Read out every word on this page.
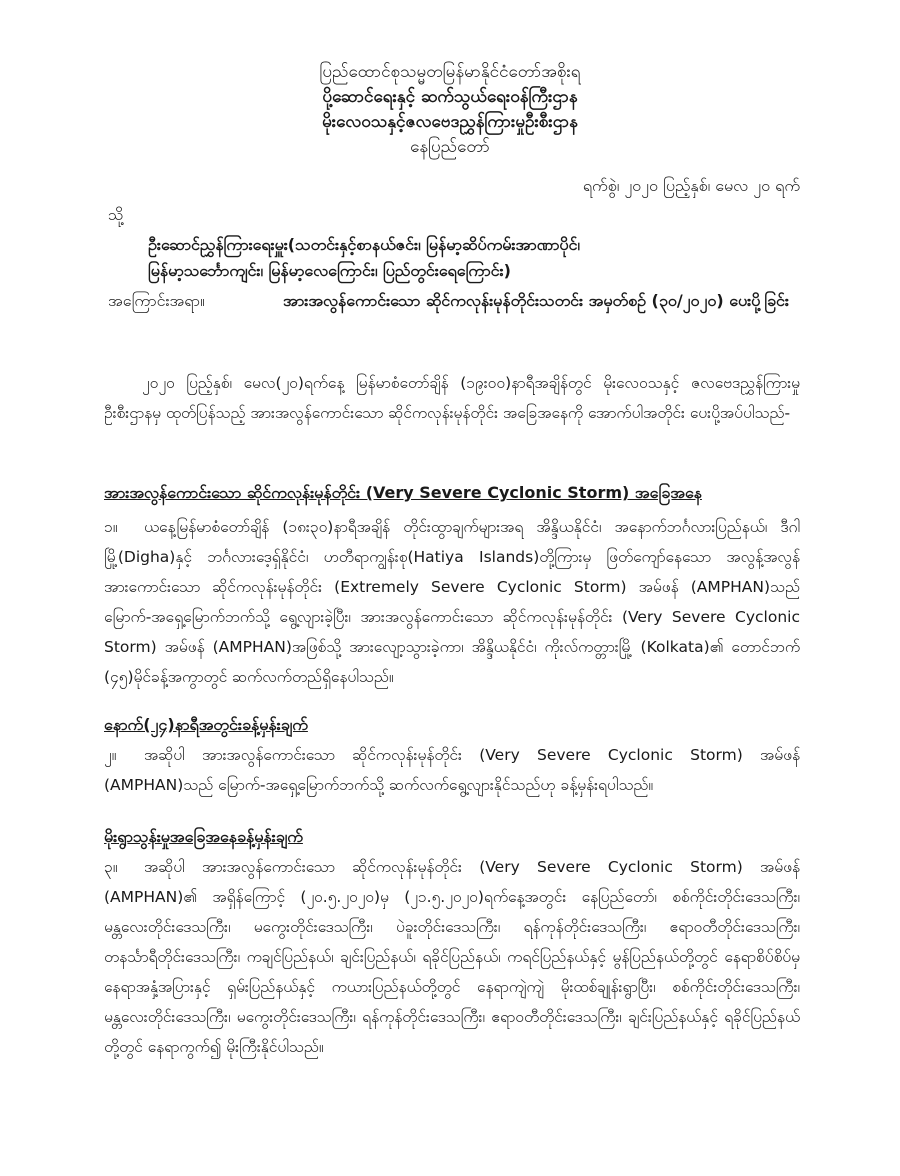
ပြည်ထောင်စုသမ္မတမြန်မာနိုင်ငံတော်အစိုးရ
ပို့ဆောင်ရေးနှင့် ဆက်သွယ်ရေးဝန်ကြီးဌာန
မိုးလေဝသနှင့်ဇလဗေဒညွှန်ကြားမှုဦးစီးဌာန
နေပြည်တော်
ရက်စွဲ၊ ၂၀၂၀ ပြည့်နှစ်၊ မေလ ၂၀ ရက်
သို့
ဦးဆောင်ညွှန်ကြားရေးမှူး(သတင်းနှင့်စာနယ်ဇင်း၊ မြန်မာ့ဆိပ်ကမ်းအာဏာပိုင်၊
မြန်မာ့သင်္ဘောကျင်း၊ မြန်မာ့လေကြောင်း၊ ပြည်တွင်းရေကြောင်း)
အကြောင်းအရာ။	အားအလွန်ကောင်းသော ဆိုင်ကလုန်းမုန်တိုင်းသတင်း အမှတ်စဉ် (၃၀/၂၀၂၀) ပေးပို့ခြင်း
၂၀၂၀ ပြည့်နှစ်၊ မေလ(၂၀)ရက်နေ့ မြန်မာစံတော်ချိန် (၁၉း၀၀)နာရီအချိန်တွင် မိုးလေဝသနှင့် ဇလဗေဒညွှန်ကြားမှုဦးစီးဌာနမှ ထုတ်ပြန်သည့် အားအလွန်ကောင်းသော ဆိုင်ကလုန်းမုန်တိုင်း အခြေအနေကို အောက်ပါအတိုင်း ပေးပို့အပ်ပါသည်-
အားအလွန်ကောင်းသော ဆိုင်ကလုန်းမုန်တိုင်း (Very Severe Cyclonic Storm) အခြေအနေ
၁။ ယနေ့မြန်မာစံတော်ချိန် (၁၈း၃၀)နာရီအချိန် တိုင်းထွာချက်များအရ အိန္ဒိယနိုင်ငံ၊ အနောက်ဘင်္ဂလားပြည်နယ်၊ ဒီဂါမြို့(Digha)နှင့် ဘင်္ဂလားဒေ့ရှ်နိုင်ငံ၊ ဟတီရာကျွန်းစု(Hatiya Islands)တို့ကြားမှ ဖြတ်ကျော်နေသော အလွန့်အလွန် အားကောင်းသော ဆိုင်ကလုန်းမုန်တိုင်း (Extremely Severe Cyclonic Storm) အမ်ဖန် (AMPHAN)သည် မြောက်-အရှေ့မြောက်ဘက်သို့ ရွေ့လျားခဲ့ပြီး၊ အားအလွန်ကောင်းသော ဆိုင်ကလုန်းမုန်တိုင်း (Very Severe Cyclonic Storm) အမ်ဖန် (AMPHAN)အဖြစ်သို့ အားလျော့သွားခဲ့ကာ၊ အိန္ဒိယနိုင်ငံ၊ ကိုးလ်ကတ္တားမြို့ (Kolkata)၏ တောင်ဘက် (၄၅)မိုင်ခန့်အကွာတွင် ဆက်လက်တည်ရှိနေပါသည်။
နောက်(၂၄)နာရီအတွင်းခန့်မှန်းချက်
၂။ အဆိုပါ အားအလွန်ကောင်းသော ဆိုင်ကလုန်းမုန်တိုင်း (Very Severe Cyclonic Storm) အမ်ဖန် (AMPHAN)သည် မြောက်-အရှေ့မြောက်ဘက်သို့ ဆက်လက်ရွေ့လျားနိုင်သည်ဟု ခန့်မှန်းရပါသည်။
မိုးရွာသွန်းမှုအခြေအနေခန့်မှန်းချက်
၃။ အဆိုပါ အားအလွန်ကောင်းသော ဆိုင်ကလုန်းမုန်တိုင်း (Very Severe Cyclonic Storm) အမ်ဖန် (AMPHAN)၏ အရှိန်ကြောင့် (၂၀.၅.၂၀၂၀)မှ (၂၁.၅.၂၀၂၀)ရက်နေ့အတွင်း နေပြည်တော်၊ စစ်ကိုင်းတိုင်းဒေသကြီး၊ မန္တလေးတိုင်းဒေသကြီး၊ မကွေးတိုင်းဒေသကြီး၊ ပဲခူးတိုင်းဒေသကြီး၊ ရန်ကုန်တိုင်းဒေသကြီး၊ ဧရာဝတီတိုင်းဒေသကြီး၊ တနင်္သာရီတိုင်းဒေသကြီး၊ ကချင်ပြည်နယ်၊ ချင်းပြည်နယ်၊ ရခိုင်ပြည်နယ်၊ ကရင်ပြည်နယ်နှင့် မွန်ပြည်နယ်တို့တွင် နေရာစိပ်စိပ်မှ နေရာအနှံ့အပြားနှင့် ရှမ်းပြည်နယ်နှင့် ကယားပြည်နယ်တို့တွင် နေရာကျဲကျဲ မိုးထစ်ချုန်းရွာပြီး၊ စစ်ကိုင်းတိုင်းဒေသကြီး၊ မန္တလေးတိုင်းဒေသကြီး၊ မကွေးတိုင်းဒေသကြီး၊ ရန်ကုန်တိုင်းဒေသကြီး၊ ဧရာဝတီတိုင်းဒေသကြီး၊ ချင်းပြည်နယ်နှင့် ရခိုင်ပြည်နယ်တို့တွင် နေရာကွက်၍ မိုးကြီးနိုင်ပါသည်။
